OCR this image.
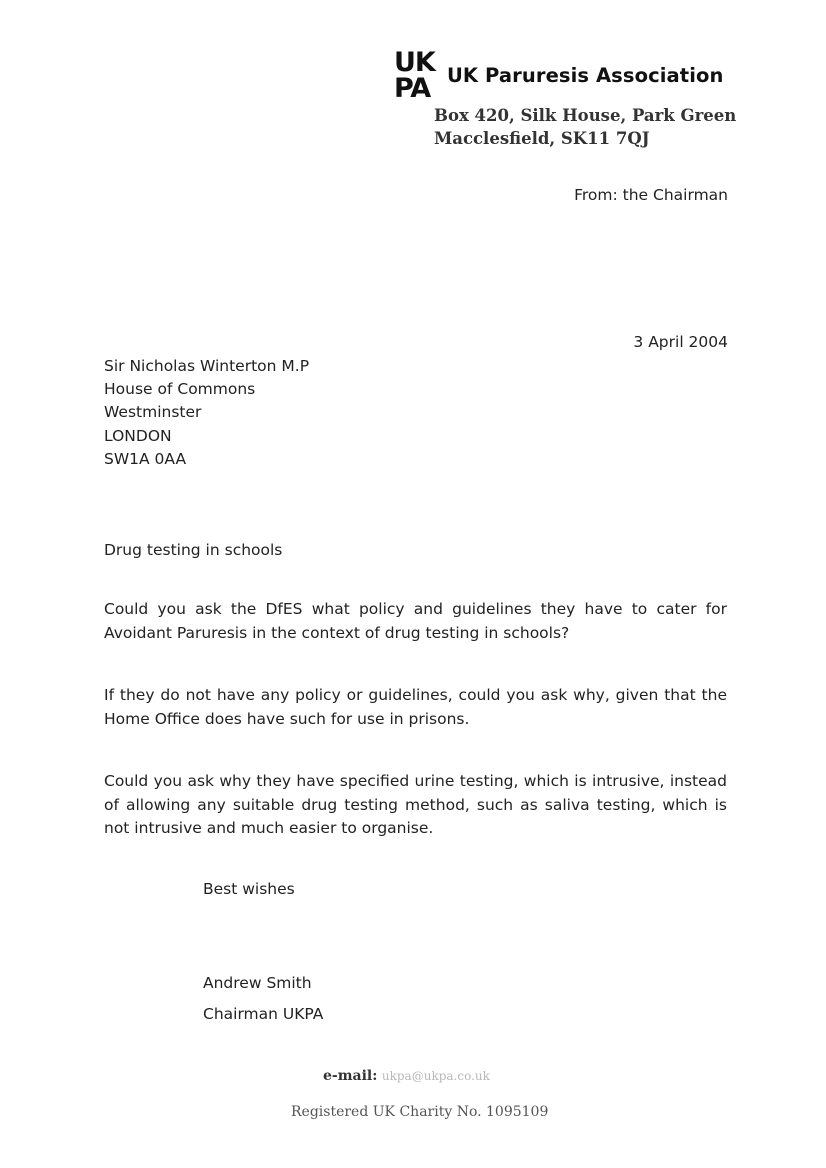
UK
PA UK Paruresis Association
Box 420, Silk House, Park Green
Macclesfield, SK11 7QJ
From: the Chairman
3 April 2004
Sir Nicholas Winterton M.P
House of Commons
Westminster
LONDON
SW1A 0AA
Drug testing in schools
Could you ask the DfES what policy and guidelines they have to cater for Avoidant Paruresis in the context of drug testing in schools?
If they do not have any policy or guidelines, could you ask why, given that the Home Office does have such for use in prisons.
Could you ask why they have specified urine testing, which is intrusive, instead of allowing any suitable drug testing method, such as saliva testing, which is not intrusive and much easier to organise.
Best wishes
Andrew Smith
Chairman UKPA
e-mail: ukpa@ukpa.co.uk
Registered UK Charity No. 1095109
